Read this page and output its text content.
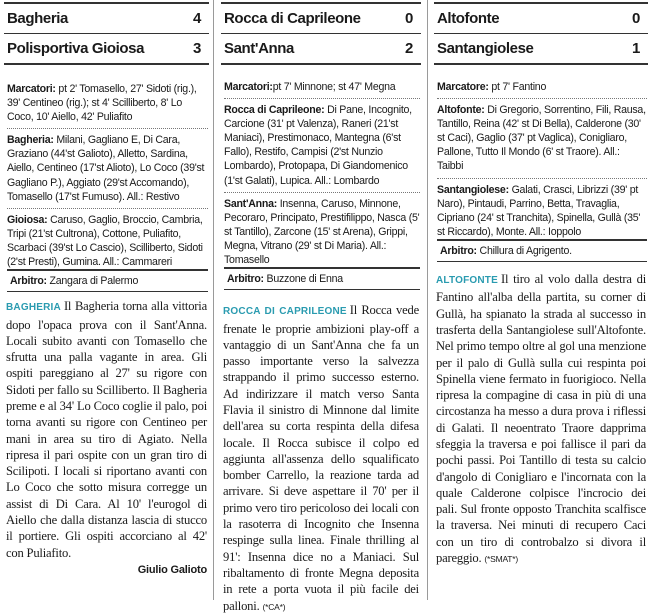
Bagheria	4
Polisportiva Gioiosa	3

Marcatori: pt 2' Tomasello, 27' Sidoti (rig.), 39' Centineo (rig.); st 4' Scilliberto, 8' Lo Coco, 10' Aiello, 42' Puliafito

Bagheria: Milani, Gagliano E, Di Cara, Graziano (44'st Galioto), Alletto, Sardina, Aiello, Centineo (17'st Alioto), Lo Coco (39'st Gagliano P.), Aggiato (29'st Accomando), Tomasello (17'st Fumuso). All.: Restivo

Gioiosa: Caruso, Gaglio, Broccio, Cambria, Tripi (21'st Cultrona), Cottone, Puliafito, Scarbaci (39'st Lo Cascio), Scilliberto, Sidoti (2'st Presti), Gumina. All.: Cammareri

Arbitro: Zangara di Palermo

BAGHERIA Il Bagheria torna alla vittoria dopo l'opaca prova con il Sant'Anna. Locali subito avanti con Tomasello che sfrutta una palla vagante in area. Gli ospiti pareggiano al 27' su rigore con Sidoti per fallo su Scilliberto. Il Bagheria preme e al 34' Lo Coco coglie il palo, poi torna avanti su rigore con Centineo per mani in area su tiro di Agiato. Nella ripresa il pari ospite con un gran tiro di Scilipoti. I locali si riportano avanti con Lo Coco che sotto misura corregge un assist di Di Cara. Al 10' l'eurogol di Aiello che dalla distanza lascia di stucco il portiere. Gli ospiti accorciano al 42' con Puliafito.

Giulio Galioto
Rocca di Caprileone	0
Sant'Anna	2

Marcatori:pt 7' Minnone; st 47' Megna

Rocca di Caprileone: Di Pane, Incognito, Carcione (31' pt Valenza), Raneri (21'st Maniaci), Prestimonaco, Mantegna (6'st Fallo), Restifo, Campisi (2'st Nunzio Lombardo), Protopapa, Di Giandomenico (1'st Galati), Lupica. All.: Lombardo

Sant'Anna: Insenna, Caruso, Minnone, Pecoraro, Principato, Prestifilippo, Nasca (5' st Tantillo), Zarcone (15' st Arena), Grippi, Megna, Vitrano (29' st Di Maria). All.: Tomasello

Arbitro: Buzzone di Enna

ROCCA DI CAPRILEONE Il Rocca vede frenate le proprie ambizioni play-off a vantaggio di un Sant'Anna che fa un passo importante verso la salvezza strappando il primo successo esterno. Ad indirizzare il match verso Santa Flavia il sinistro di Minnone dal limite dell'area su corta respinta della difesa locale. Il Rocca subisce il colpo ed aggiunta all'assenza dello squalificato bomber Carrello, la reazione tarda ad arrivare. Si deve aspettare il 70' per il primo vero tiro pericoloso dei locali con la rasoterra di Incognito che Insenna respinge sulla linea. Finale thrilling al 91': Insenna dice no a Maniaci. Sul ribaltamento di fronte Megna deposita in rete a porta vuota il più facile dei palloni. (*CA*)

Altofonte	0
Santangiolese	1

Marcatore: pt 7' Fantino

Altofonte: Di Gregorio, Sorrentino, Fili, Rausa, Tantillo, Reina (42' st Di Bella), Calderone (30' st Caci), Gaglio (37' pt Vaglica), Conigliaro, Pallone, Tutto Il Mondo (6' st Traore). All.: Taibbi

Santangiolese: Galati, Crasci, Librizzi (39' pt Naro), Pintaudi, Parrino, Betta, Travaglia, Cipriano (24' st Tranchita), Spinella, Gullà (35' st Riccardo), Monte. All.: Ioppolo

Arbitro: Chillura di Agrigento.

ALTOFONTE Il tiro al volo dalla destra di Fantino all'alba della partita, su corner di Gullà, ha spianato la strada al successo in trasferta della Santangiolese sull'Altofonte. Nel primo tempo oltre al gol una menzione per il palo di Gullà sulla cui respinta poi Spinella viene fermato in fuorigioco. Nella ripresa la compagine di casa in più di una circostanza ha messo a dura prova i riflessi di Galati. Il neoentrato Traore dapprima sfeggia la traversa e poi fallisce il pari da pochi passi. Poi Tantillo di testa su calcio d'angolo di Conigliaro e l'incornata con la quale Calderone colpisce l'incrocio dei pali. Sul fronte opposto Tranchita scalfisce la traversa. Nei minuti di recupero Caci con un tiro di controbalzo si divora il pareggio. (*SMAT*)
